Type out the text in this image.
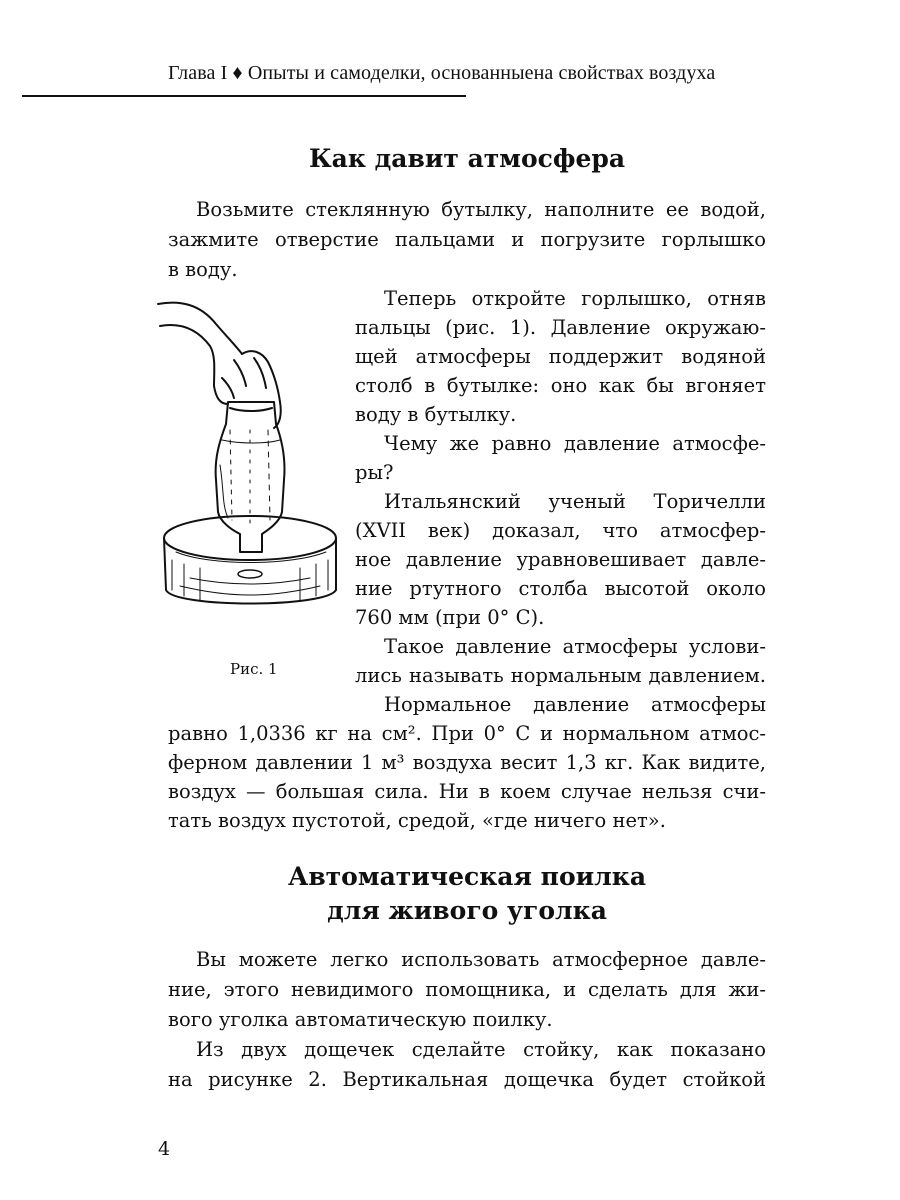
Глава I ♦ Опыты и самоделки, основанныена свойствах воздуха
Как давит атмосфера
Возьмите стеклянную бутылку, наполните ее водой,
зажмите отверстие пальцами и погрузите горлышко
в воду.
Теперь откройте горлышко, отняв
пальцы (рис. 1). Давление окружаю-
щей атмосферы поддержит водяной
столб в бутылке: оно как бы вгоняет
воду в бутылку.
Чему же равно давление атмосфе-
ры?
Итальянский ученый Торичелли
(XVII век) доказал, что атмосфер-
ное давление уравновешивает давле-
ние ртутного столба высотой около
760 мм (при 0° С).
Такое давление атмосферы услови-
лись называть нормальным давлением.
Нормальное давление атмосферы
равно 1,0336 кг на см². При 0° С и нормальном атмос-
ферном давлении 1 м³ воздуха весит 1,3 кг. Как видите,
воздух — большая сила. Ни в коем случае нельзя счи-
тать воздух пустотой, средой, «где ничего нет».
Рис. 1
Автоматическая поилка
для живого уголка
Вы можете легко использовать атмосферное давле-
ние, этого невидимого помощника, и сделать для жи-
вого уголка автоматическую поилку.
Из двух дощечек сделайте стойку, как показано
на рисунке 2. Вертикальная дощечка будет стойкой
4
